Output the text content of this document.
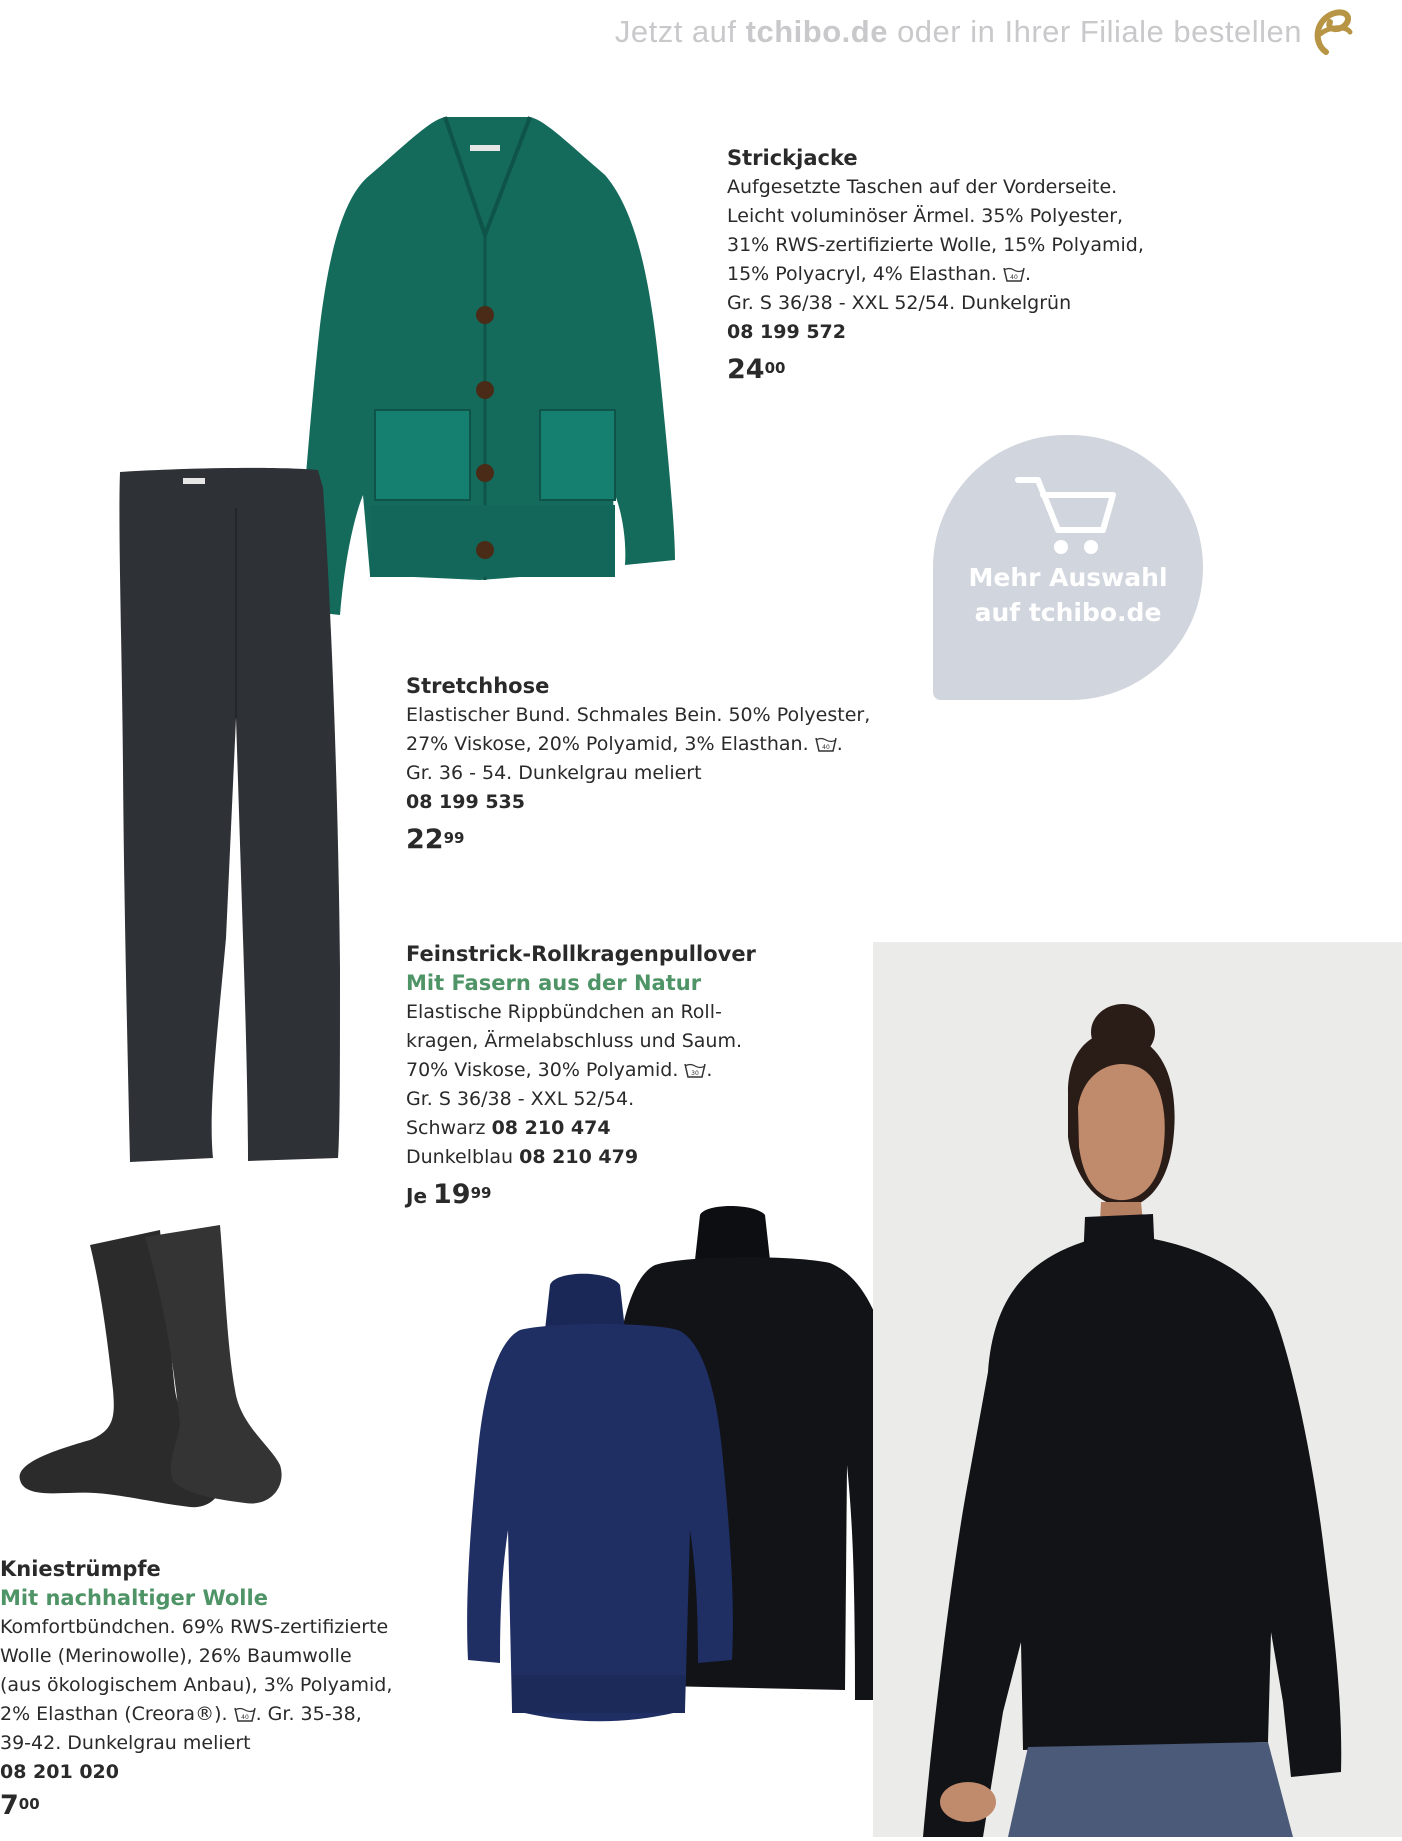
Jetzt auf tchibo.de oder in Ihrer Filiale bestellen
Mehr Auswahl
auf tchibo.de
Strickjacke
Aufgesetzte Taschen auf der Vorderseite.
Leicht voluminöser Ärmel. 35% Polyester,
31% RWS-zertifizierte Wolle, 15% Polyamid,
15% Polyacryl, 4% Elasthan. 40 .
Gr. S 36/38 - XXL 52/54. Dunkelgrün
08 199 572
$24^{00}$
Stretchhose
Elastischer Bund. Schmales Bein. 50% Polyester,
27% Viskose, 20% Polyamid, 3% Elasthan. 40 .
Gr. 36 - 54. Dunkelgrau meliert
08 199 535
$22^{99}$
Feinstrick-Rollkragenpullover
Mit Fasern aus der Natur
Elastische Rippbündchen an Roll-
kragen, Ärmelabschluss und Saum.
70% Viskose, 30% Polyamid. 30 .
Gr. S 36/38 - XXL 52/54.
Schwarz 08 210 474
Dunkelblau 08 210 479
Je $19^{99}$
Kniestrümpfe
Mit nachhaltiger Wolle
Komfortbündchen. 69% RWS-zertifizierte
Wolle (Merinowolle), 26% Baumwolle
(aus ökologischem Anbau), 3% Polyamid,
2% Elasthan (Creora®). 40 . Gr. 35-38,
39-42. Dunkelgrau meliert
08 201 020
$7^{00}$
